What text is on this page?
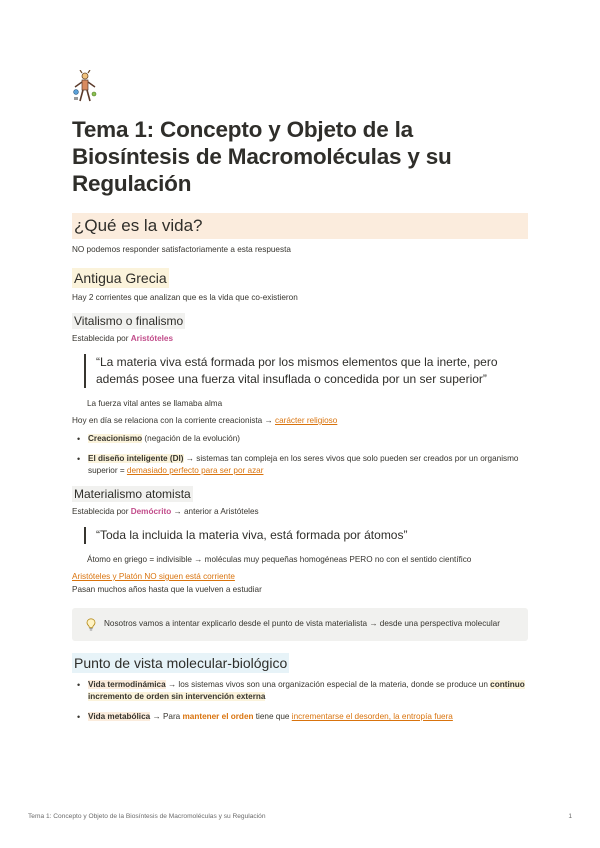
Tema 1: Concepto y Objeto de la Biosíntesis de Macromoléculas y su Regulación
¿Qué es la vida?
NO podemos responder satisfactoriamente a esta respuesta
Antigua Grecia
Hay 2 corrientes que analizan que es la vida que co-existieron
Vitalismo o finalismo
Establecida por Aristóteles
“La materia viva está formada por los mismos elementos que la inerte, pero además posee una fuerza vital insuflada o concedida por un ser superior”
La fuerza vital antes se llamaba alma
Hoy en día se relaciona con la corriente creacionista → carácter religioso
• Creacionismo (negación de la evolución)
• El diseño inteligente (DI) → sistemas tan compleja en los seres vivos que solo pueden ser creados por un organismo superior = demasiado perfecto para ser por azar
Materialismo atomista
Establecida por Demócrito → anterior a Aristóteles
“Toda la incluida la materia viva, está formada por átomos”
Átomo en griego = indivisible → moléculas muy pequeñas homogéneas PERO no con el sentido científico
Aristóteles y Platón NO siguen está corriente
Pasan muchos años hasta que la vuelven a estudiar
Nosotros vamos a intentar explicarlo desde el punto de vista materialista → desde una perspectiva molecular
Punto de vista molecular-biológico
• Vida termodinámica → los sistemas vivos son una organización especial de la materia, donde se produce un continuo incremento de orden sin intervención externa
• Vida metabólica → Para mantener el orden tiene que incrementarse el desorden, la entropía fuera
Tema 1: Concepto y Objeto de la Biosíntesis de Macromoléculas y su Regulación	1
